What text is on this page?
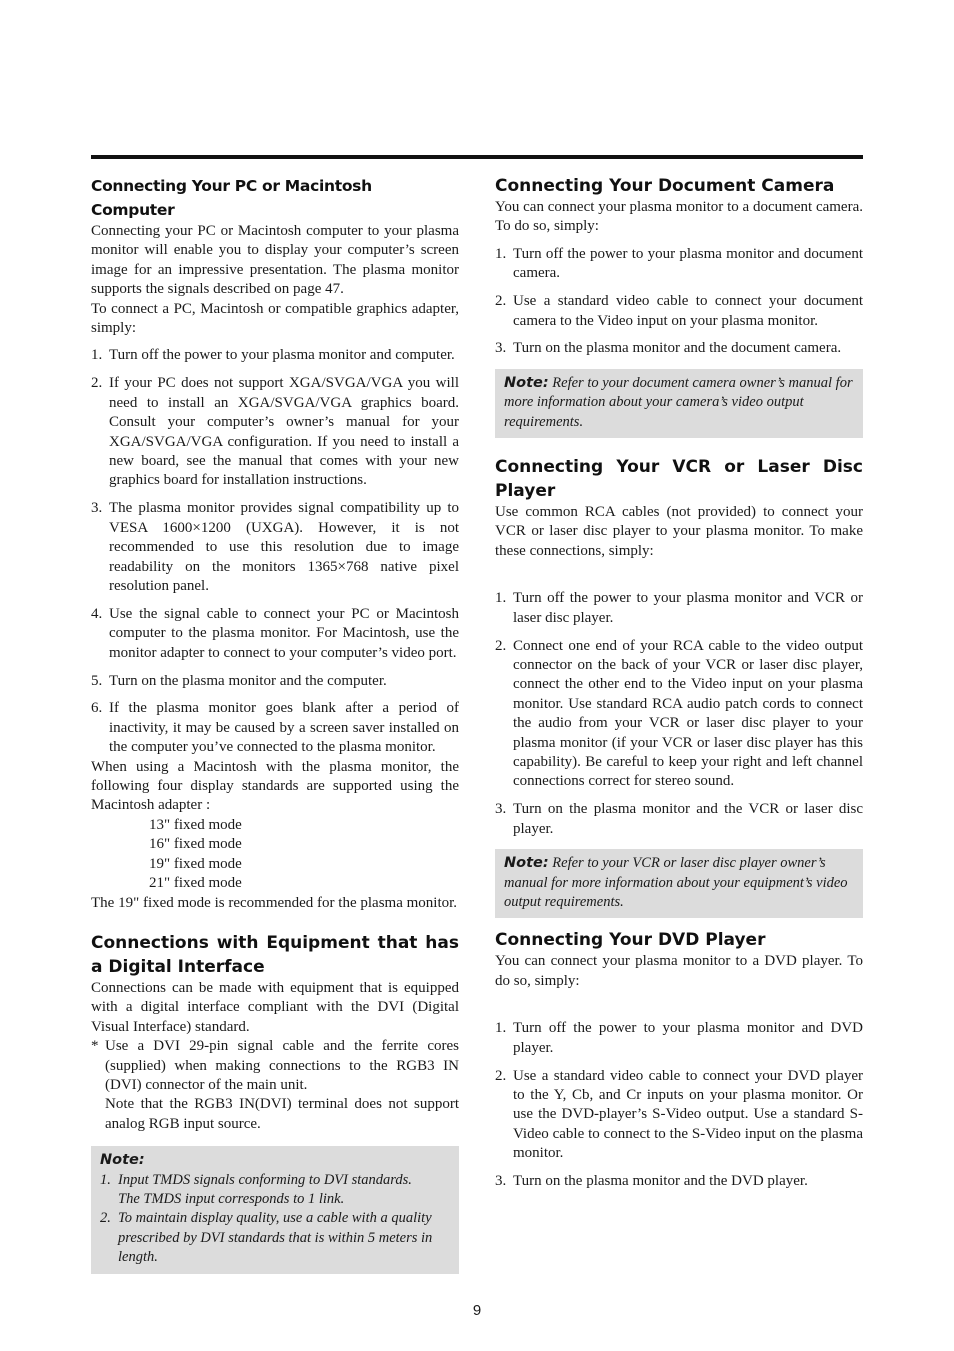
Connecting Your PC or Macintosh Computer

Connecting your PC or Macintosh computer to your plasma monitor will enable you to display your computer’s screen image for an impressive presentation. The plasma monitor supports the signals described on page 47.

To connect a PC, Macintosh or compatible graphics adapter, simply:

1. Turn off the power to your plasma monitor and computer.
2. If your PC does not support XGA/SVGA/VGA you will need to install an XGA/SVGA/VGA graphics board. Consult your computer’s owner’s manual for your XGA/SVGA/VGA configuration. If you need to install a new board, see the manual that comes with your new graphics board for installation instructions.
3. The plasma monitor provides signal compatibility up to VESA 1600×1200 (UXGA). However, it is not recommended to use this resolution due to image readability on the monitors 1365×768 native pixel resolution panel.
4. Use the signal cable to connect your PC or Macintosh computer to the plasma monitor. For Macintosh, use the monitor adapter to connect to your computer’s video port.
5. Turn on the plasma monitor and the computer.
6. If the plasma monitor goes blank after a period of inactivity, it may be caused by a screen saver installed on the computer you’ve connected to the plasma monitor.

When using a Macintosh with the plasma monitor, the following four display standards are supported using the Macintosh adapter :

13" fixed mode
16" fixed mode
19" fixed mode
21" fixed mode

The 19" fixed mode is recommended for the plasma monitor.

Connections with Equipment that has a Digital Interface

Connections can be made with equipment that is equipped with a digital interface compliant with the DVI (Digital Visual Interface) standard.

* Use a DVI 29-pin signal cable and the ferrite cores (supplied) when making connections to the RGB3 IN (DVI) connector of the main unit.
Note that the RGB3 IN(DVI) terminal does not support analog RGB input source.
Note:
1. Input TMDS signals conforming to DVI standards.
The TMDS input corresponds to 1 link.
2. To maintain display quality, use a cable with a quality prescribed by DVI standards that is within 5 meters in length.
Connecting Your Document Camera

You can connect your plasma monitor to a document camera. To do so, simply:

1. Turn off the power to your plasma monitor and document camera.
2. Use a standard video cable to connect your document camera to the Video input on your plasma monitor.
3. Turn on the plasma monitor and the document camera.
Note: Refer to your document camera owner’s manual for more information about your camera’s video output requirements.
Connecting Your VCR or Laser Disc Player

Use common RCA cables (not provided) to connect your VCR or laser disc player to your plasma monitor. To make these connections, simply:

1. Turn off the power to your plasma monitor and VCR or laser disc player.
2. Connect one end of your RCA cable to the video output connector on the back of your VCR or laser disc player, connect the other end to the Video input on your plasma monitor. Use standard RCA audio patch cords to connect the audio from your VCR or laser disc player to your plasma monitor (if your VCR or laser disc player has this capability). Be careful to keep your right and left channel connections correct for stereo sound.
3. Turn on the plasma monitor and the VCR or laser disc player.
Note: Refer to your VCR or laser disc player owner’s manual for more information about your equipment’s video output requirements.
Connecting Your DVD Player

You can connect your plasma monitor to a DVD player. To do so, simply:

1. Turn off the power to your plasma monitor and DVD player.
2. Use a standard video cable to connect your DVD player to the Y, Cb, and Cr inputs on your plasma monitor. Or use the DVD-player’s S-Video output. Use a standard S-Video cable to connect to the S-Video input on the plasma monitor.
3. Turn on the plasma monitor and the DVD player.
9
